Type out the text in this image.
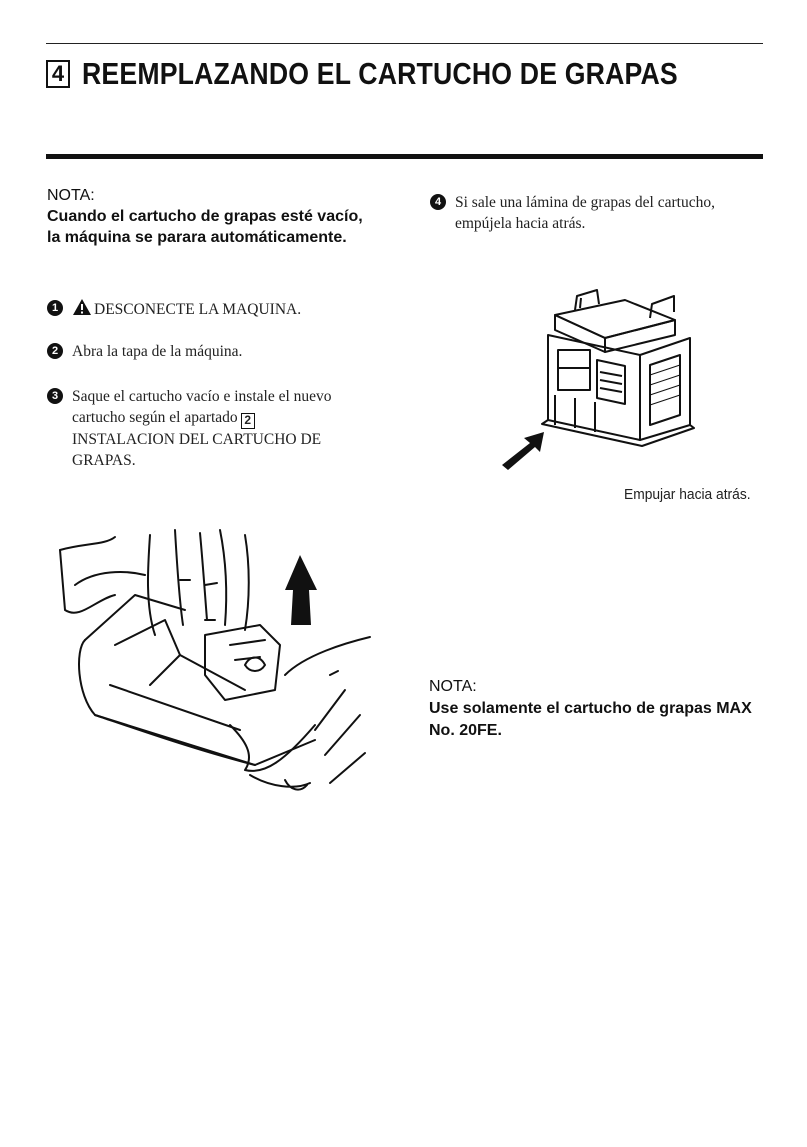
4 REEMPLAZANDO EL CARTUCHO DE GRAPAS
NOTA:
Cuando el cartucho de grapas esté vacío, la máquina se parara automáticamente.
1	DESCONECTE LA MAQUINA.
2 Abra la tapa de la máquina.
3 Saque el cartucho vacío e instale el nuevo cartucho según el apartado 2
INSTALACION DEL CARTUCHO DE GRAPAS.
4 Si sale una lámina de grapas del cartucho, empújela hacia atrás.
Empujar hacia atrás.
NOTA:
Use solamente el cartucho de grapas MAX No. 20FE.
